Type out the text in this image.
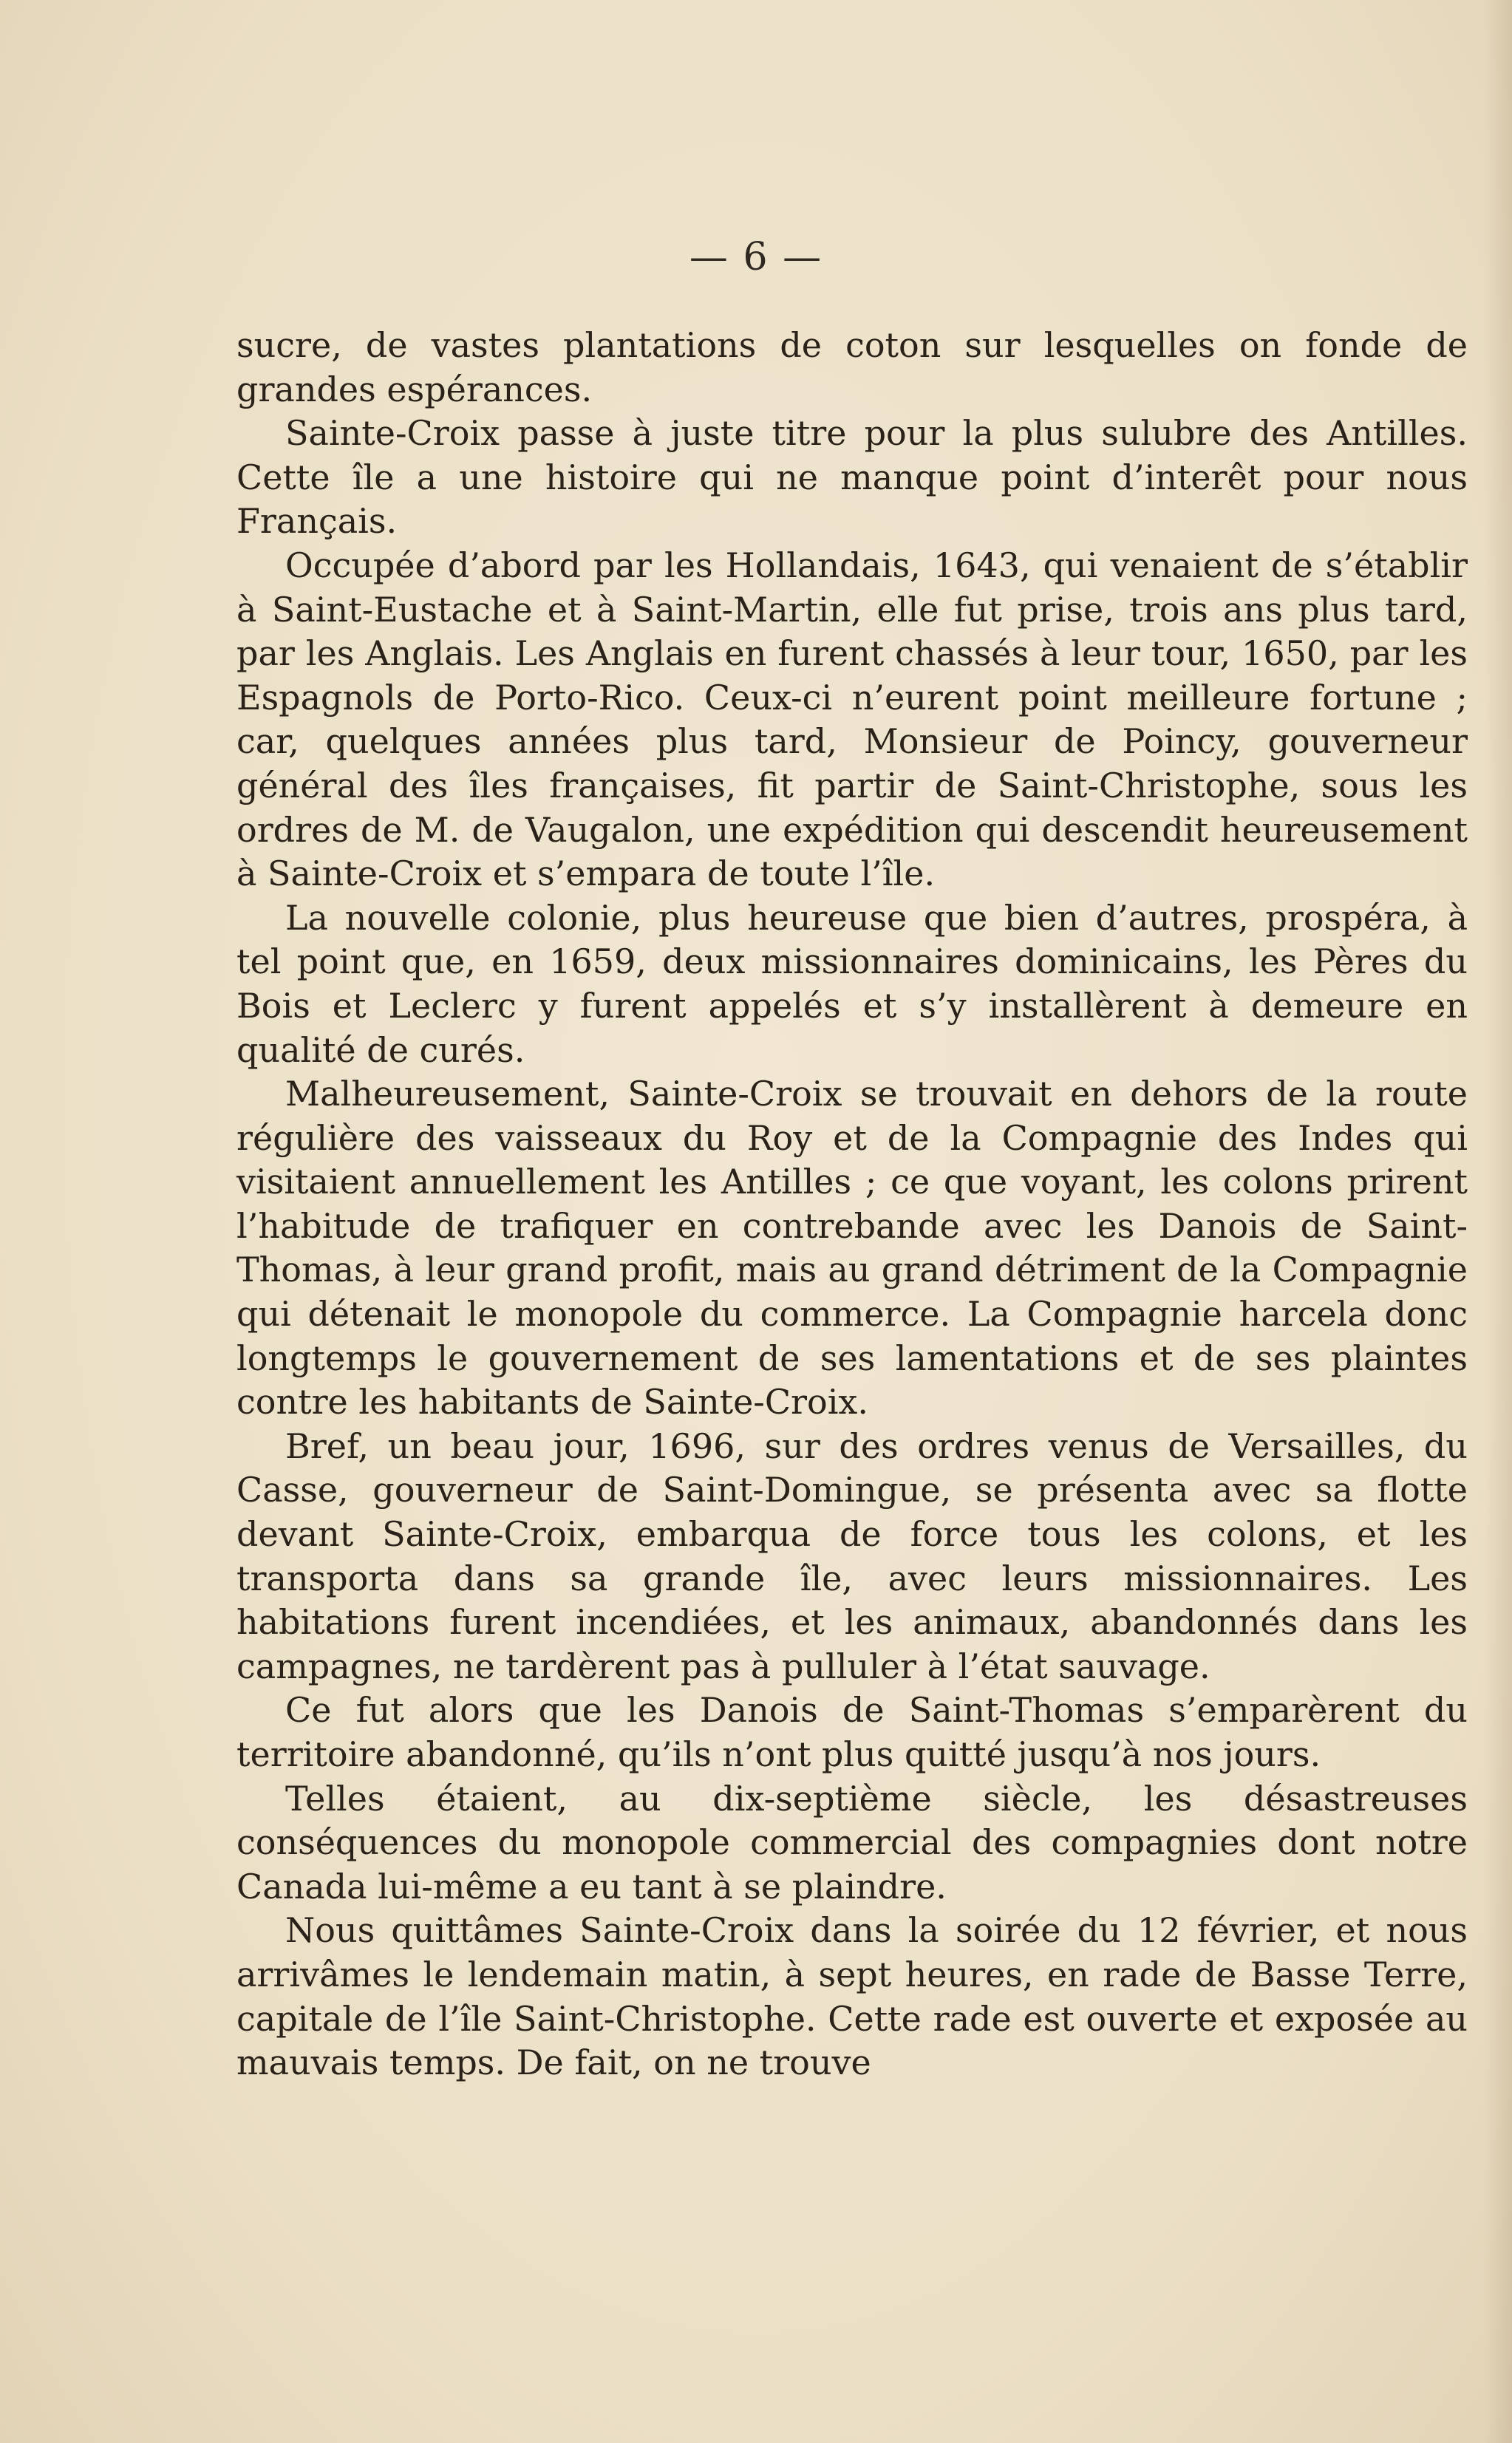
— 6 —

sucre, de vastes plantations de coton sur lesquelles on fonde de grandes espérances.

Sainte-Croix passe à juste titre pour la plus sulubre des Antilles. Cette île a une histoire qui ne manque point d’interêt pour nous Français.

Occupée d’abord par les Hollandais, 1643, qui venaient de s’établir à Saint-Eustache et à Saint-Martin, elle fut prise, trois ans plus tard, par les Anglais. Les Anglais en furent chassés à leur tour, 1650, par les Espagnols de Porto-Rico. Ceux-ci n’eurent point meilleure fortune ; car, quelques années plus tard, Monsieur de Poincy, gouverneur général des îles françaises, fit partir de Saint-Christophe, sous les ordres de M. de Vaugalon, une expédition qui descendit heureusement à Sainte-Croix et s’empara de toute l’île.

La nouvelle colonie, plus heureuse que bien d’autres, prospéra, à tel point que, en 1659, deux missionnaires dominicains, les Pères du Bois et Leclerc y furent appelés et s’y installèrent à demeure en qualité de curés.

Malheureusement, Sainte-Croix se trouvait en dehors de la route régulière des vaisseaux du Roy et de la Compagnie des Indes qui visitaient annuellement les Antilles ; ce que voyant, les colons prirent l’habitude de trafiquer en contrebande avec les Danois de Saint-Thomas, à leur grand profit, mais au grand détriment de la Compagnie qui détenait le monopole du commerce. La Compagnie harcela donc longtemps le gouvernement de ses lamentations et de ses plaintes contre les habitants de Sainte-Croix.

Bref, un beau jour, 1696, sur des ordres venus de Versailles, du Casse, gouverneur de Saint-Domingue, se présenta avec sa flotte devant Sainte-Croix, embarqua de force tous les colons, et les transporta dans sa grande île, avec leurs missionnaires. Les habitations furent incendiées, et les animaux, abandonnés dans les campagnes, ne tardèrent pas à pulluler à l’état sauvage.

Ce fut alors que les Danois de Saint-Thomas s’emparèrent du territoire abandonné, qu’ils n’ont plus quitté jusqu’à nos jours.

Telles étaient, au dix-septième siècle, les désastreuses conséquences du monopole commercial des compagnies dont notre Canada lui-même a eu tant à se plaindre.

Nous quittâmes Sainte-Croix dans la soirée du 12 février, et nous arrivâmes le lendemain matin, à sept heures, en rade de Basse Terre, capitale de l’île Saint-Christophe. Cette rade est ouverte et exposée au mauvais temps. De fait, on ne trouve
